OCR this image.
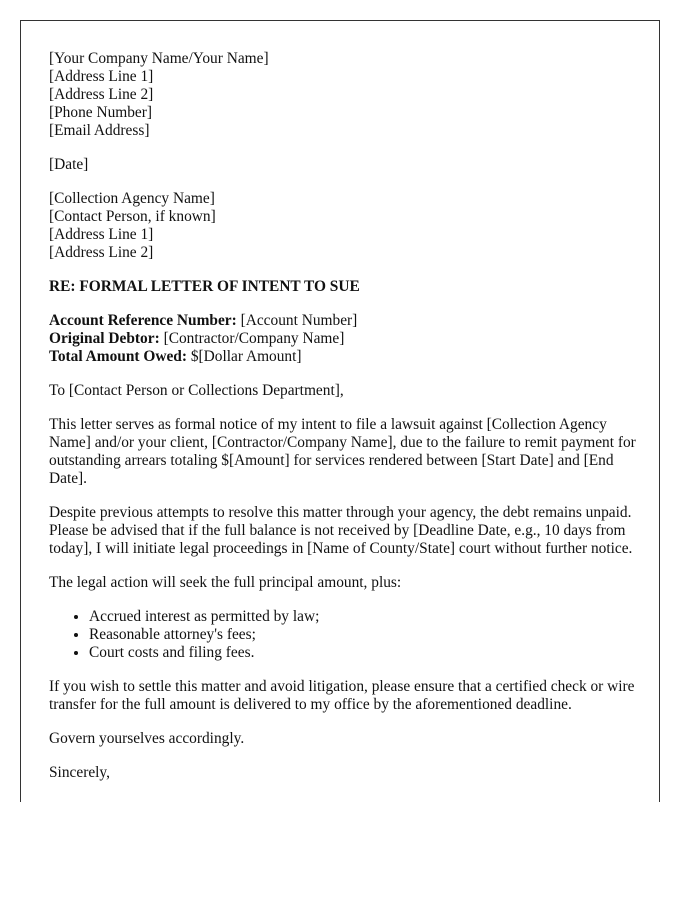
[Your Company Name/Your Name]
[Address Line 1]
[Address Line 2]
[Phone Number]
[Email Address]
[Date]
[Collection Agency Name]
[Contact Person, if known]
[Address Line 1]
[Address Line 2]
RE: FORMAL LETTER OF INTENT TO SUE
Account Reference Number: [Account Number]
Original Debtor: [Contractor/Company Name]
Total Amount Owed: $[Dollar Amount]

To [Contact Person or Collections Department],

This letter serves as formal notice of my intent to file a lawsuit against [Collection Agency Name] and/or your client, [Contractor/Company Name], due to the failure to remit payment for outstanding arrears totaling $[Amount] for services rendered between [Start Date] and [End Date].

Despite previous attempts to resolve this matter through your agency, the debt remains unpaid. Please be advised that if the full balance is not received by [Deadline Date, e.g., 10 days from today], I will initiate legal proceedings in [Name of County/State] court without further notice.

The legal action will seek the full principal amount, plus:

• Accrued interest as permitted by law;
• Reasonable attorney's fees;
• Court costs and filing fees.

If you wish to settle this matter and avoid litigation, please ensure that a certified check or wire transfer for the full amount is delivered to my office by the aforementioned deadline.

Govern yourselves accordingly.

Sincerely,
